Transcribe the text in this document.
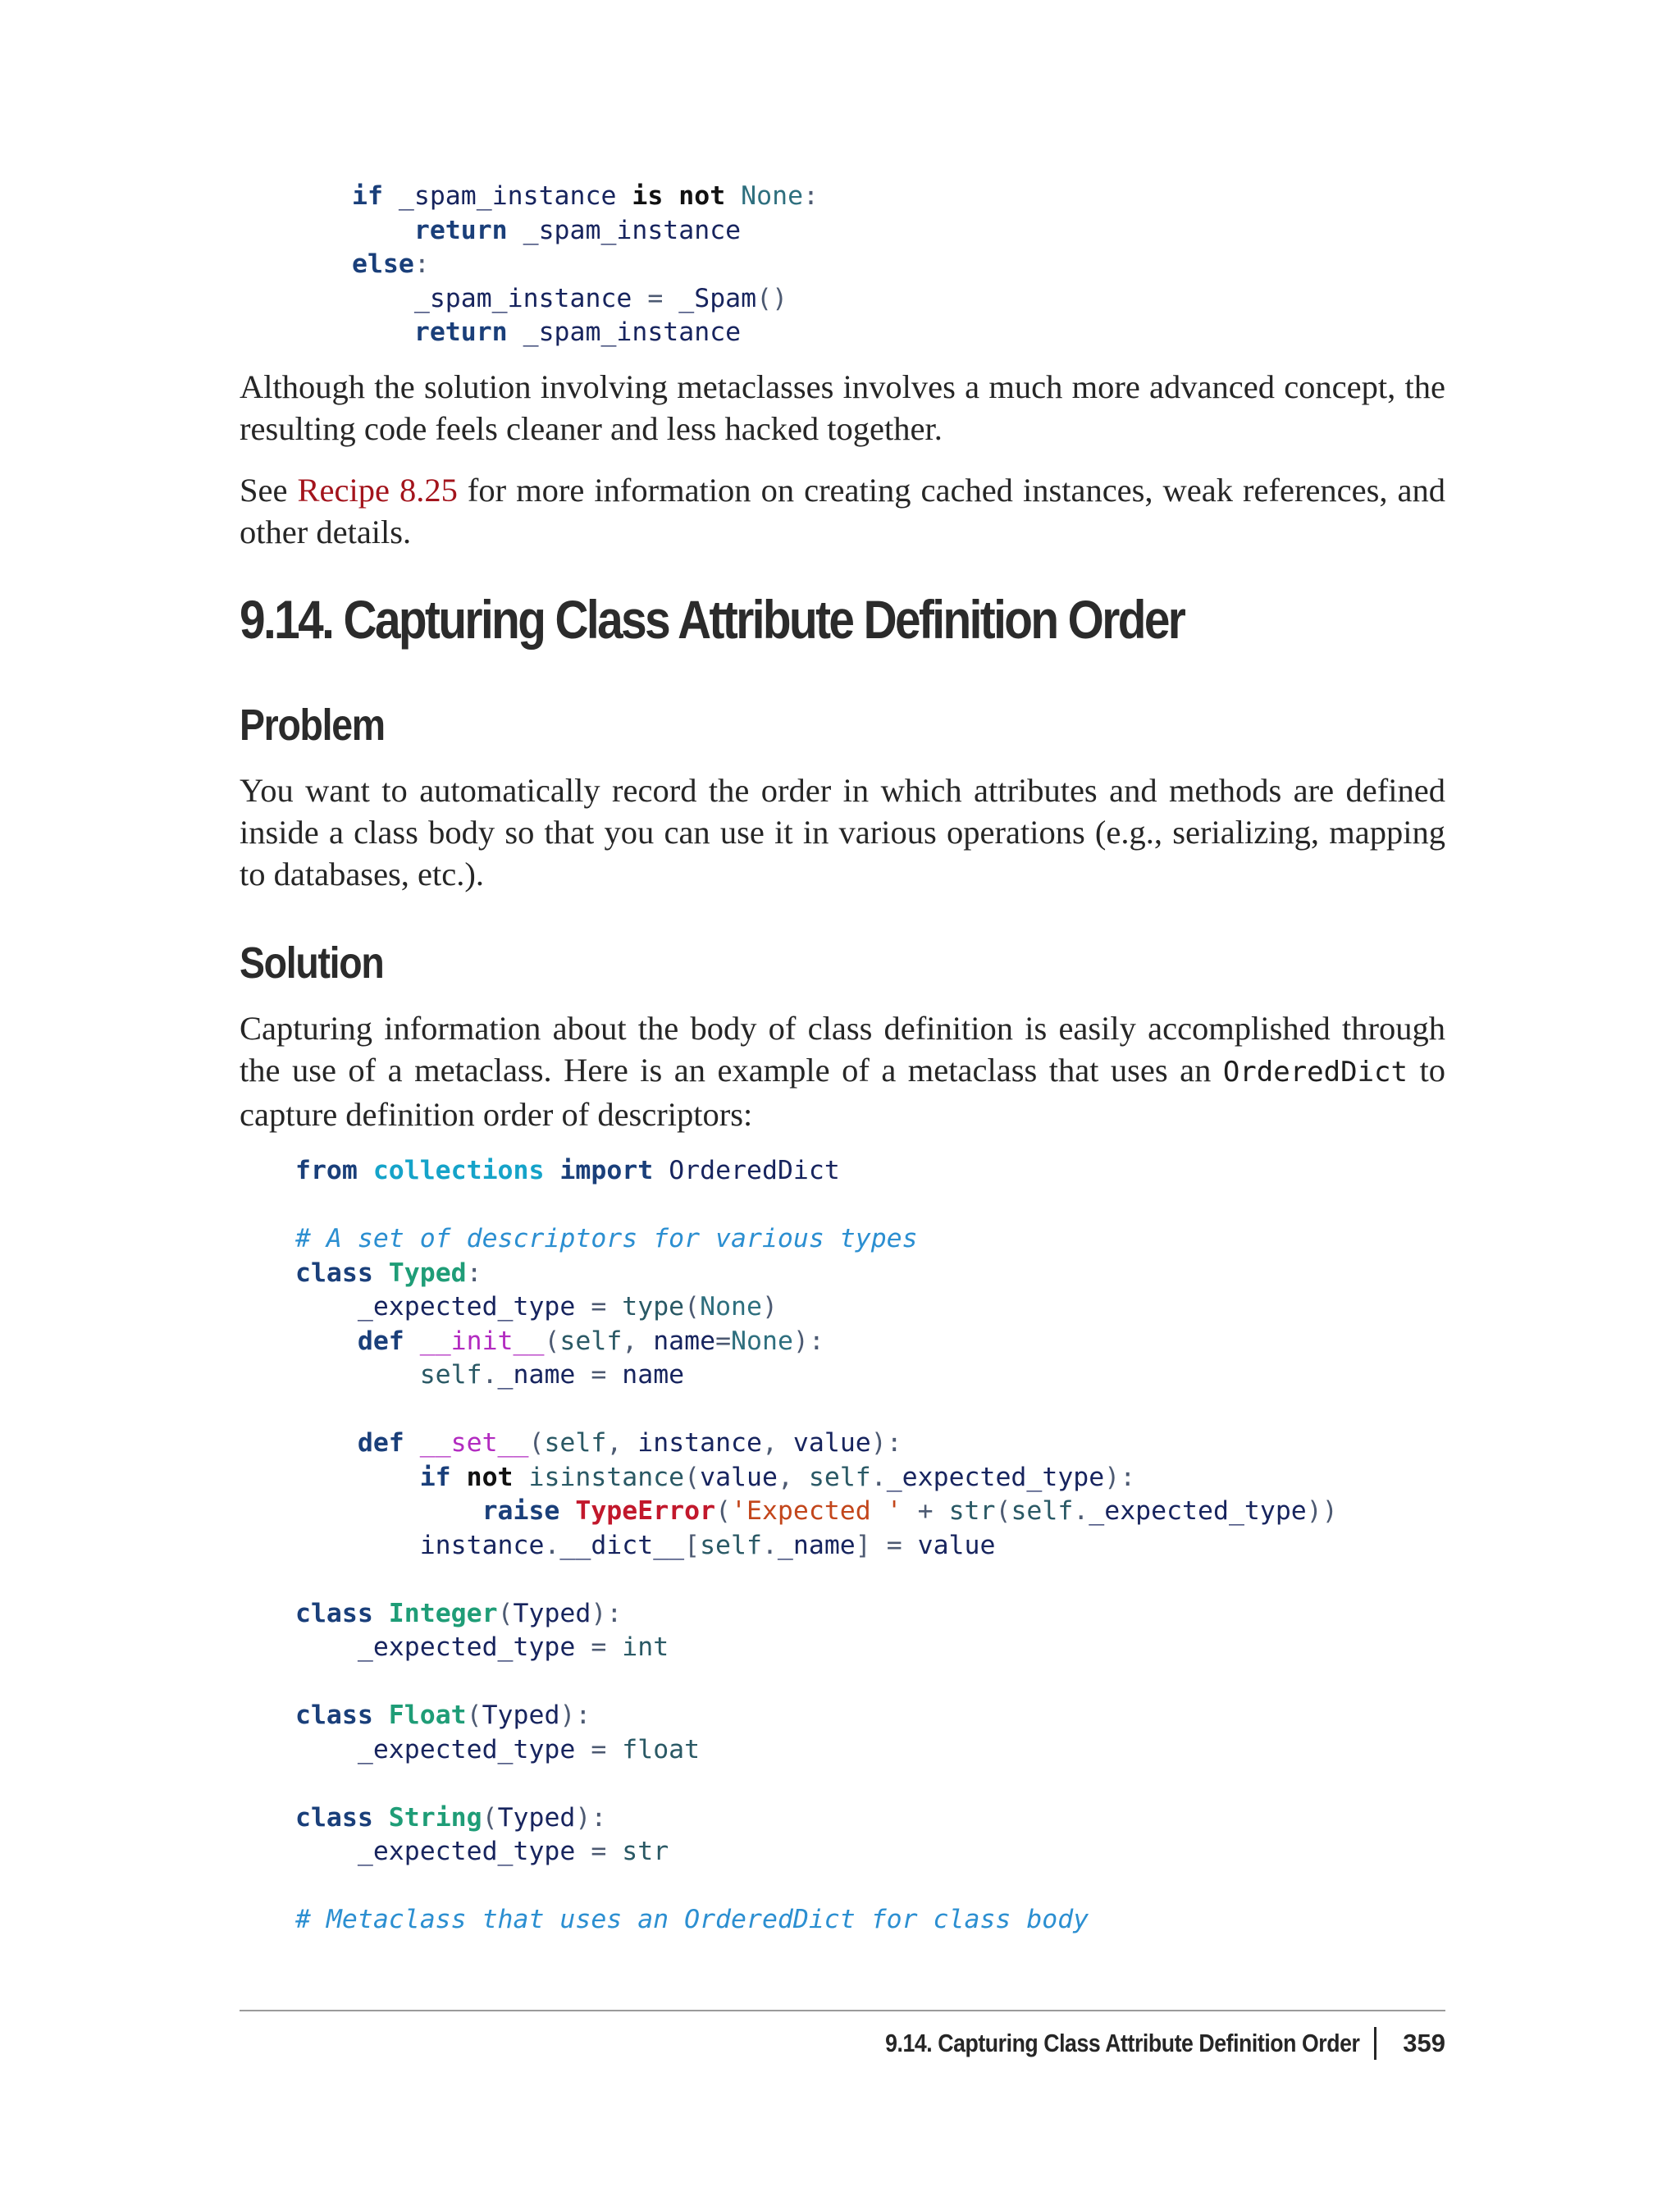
if _spam_instance is not None:
return _spam_instance
else:
_spam_instance = _Spam()
return _spam_instance

Although the solution involving metaclasses involves a much more advanced concept, the resulting code feels cleaner and less hacked together.

See Recipe 8.25 for more information on creating cached instances, weak references, and other details.

9.14. Capturing Class Attribute Definition Order
Problem

You want to automatically record the order in which attributes and methods are defined inside a class body so that you can use it in various operations (e.g., serializing, mapping to databases, etc.).

Solution

Capturing information about the body of class definition is easily accomplished through the use of a metaclass. Here is an example of a metaclass that uses an OrderedDict to capture definition order of descriptors:

from collections import OrderedDict

# A set of descriptors for various types
class Typed:
_expected_type = type(None)
def __init__(self, name=None):
self._name = name

def __set__(self, instance, value):
if not isinstance(value, self._expected_type):
raise TypeError('Expected ' + str(self._expected_type))
instance.__dict__[self._name] = value

class Integer(Typed):
_expected_type = int

class Float(Typed):
_expected_type = float

class String(Typed):
_expected_type = str

# Metaclass that uses an OrderedDict for class body
9.14. Capturing Class Attribute Definition Order 359
